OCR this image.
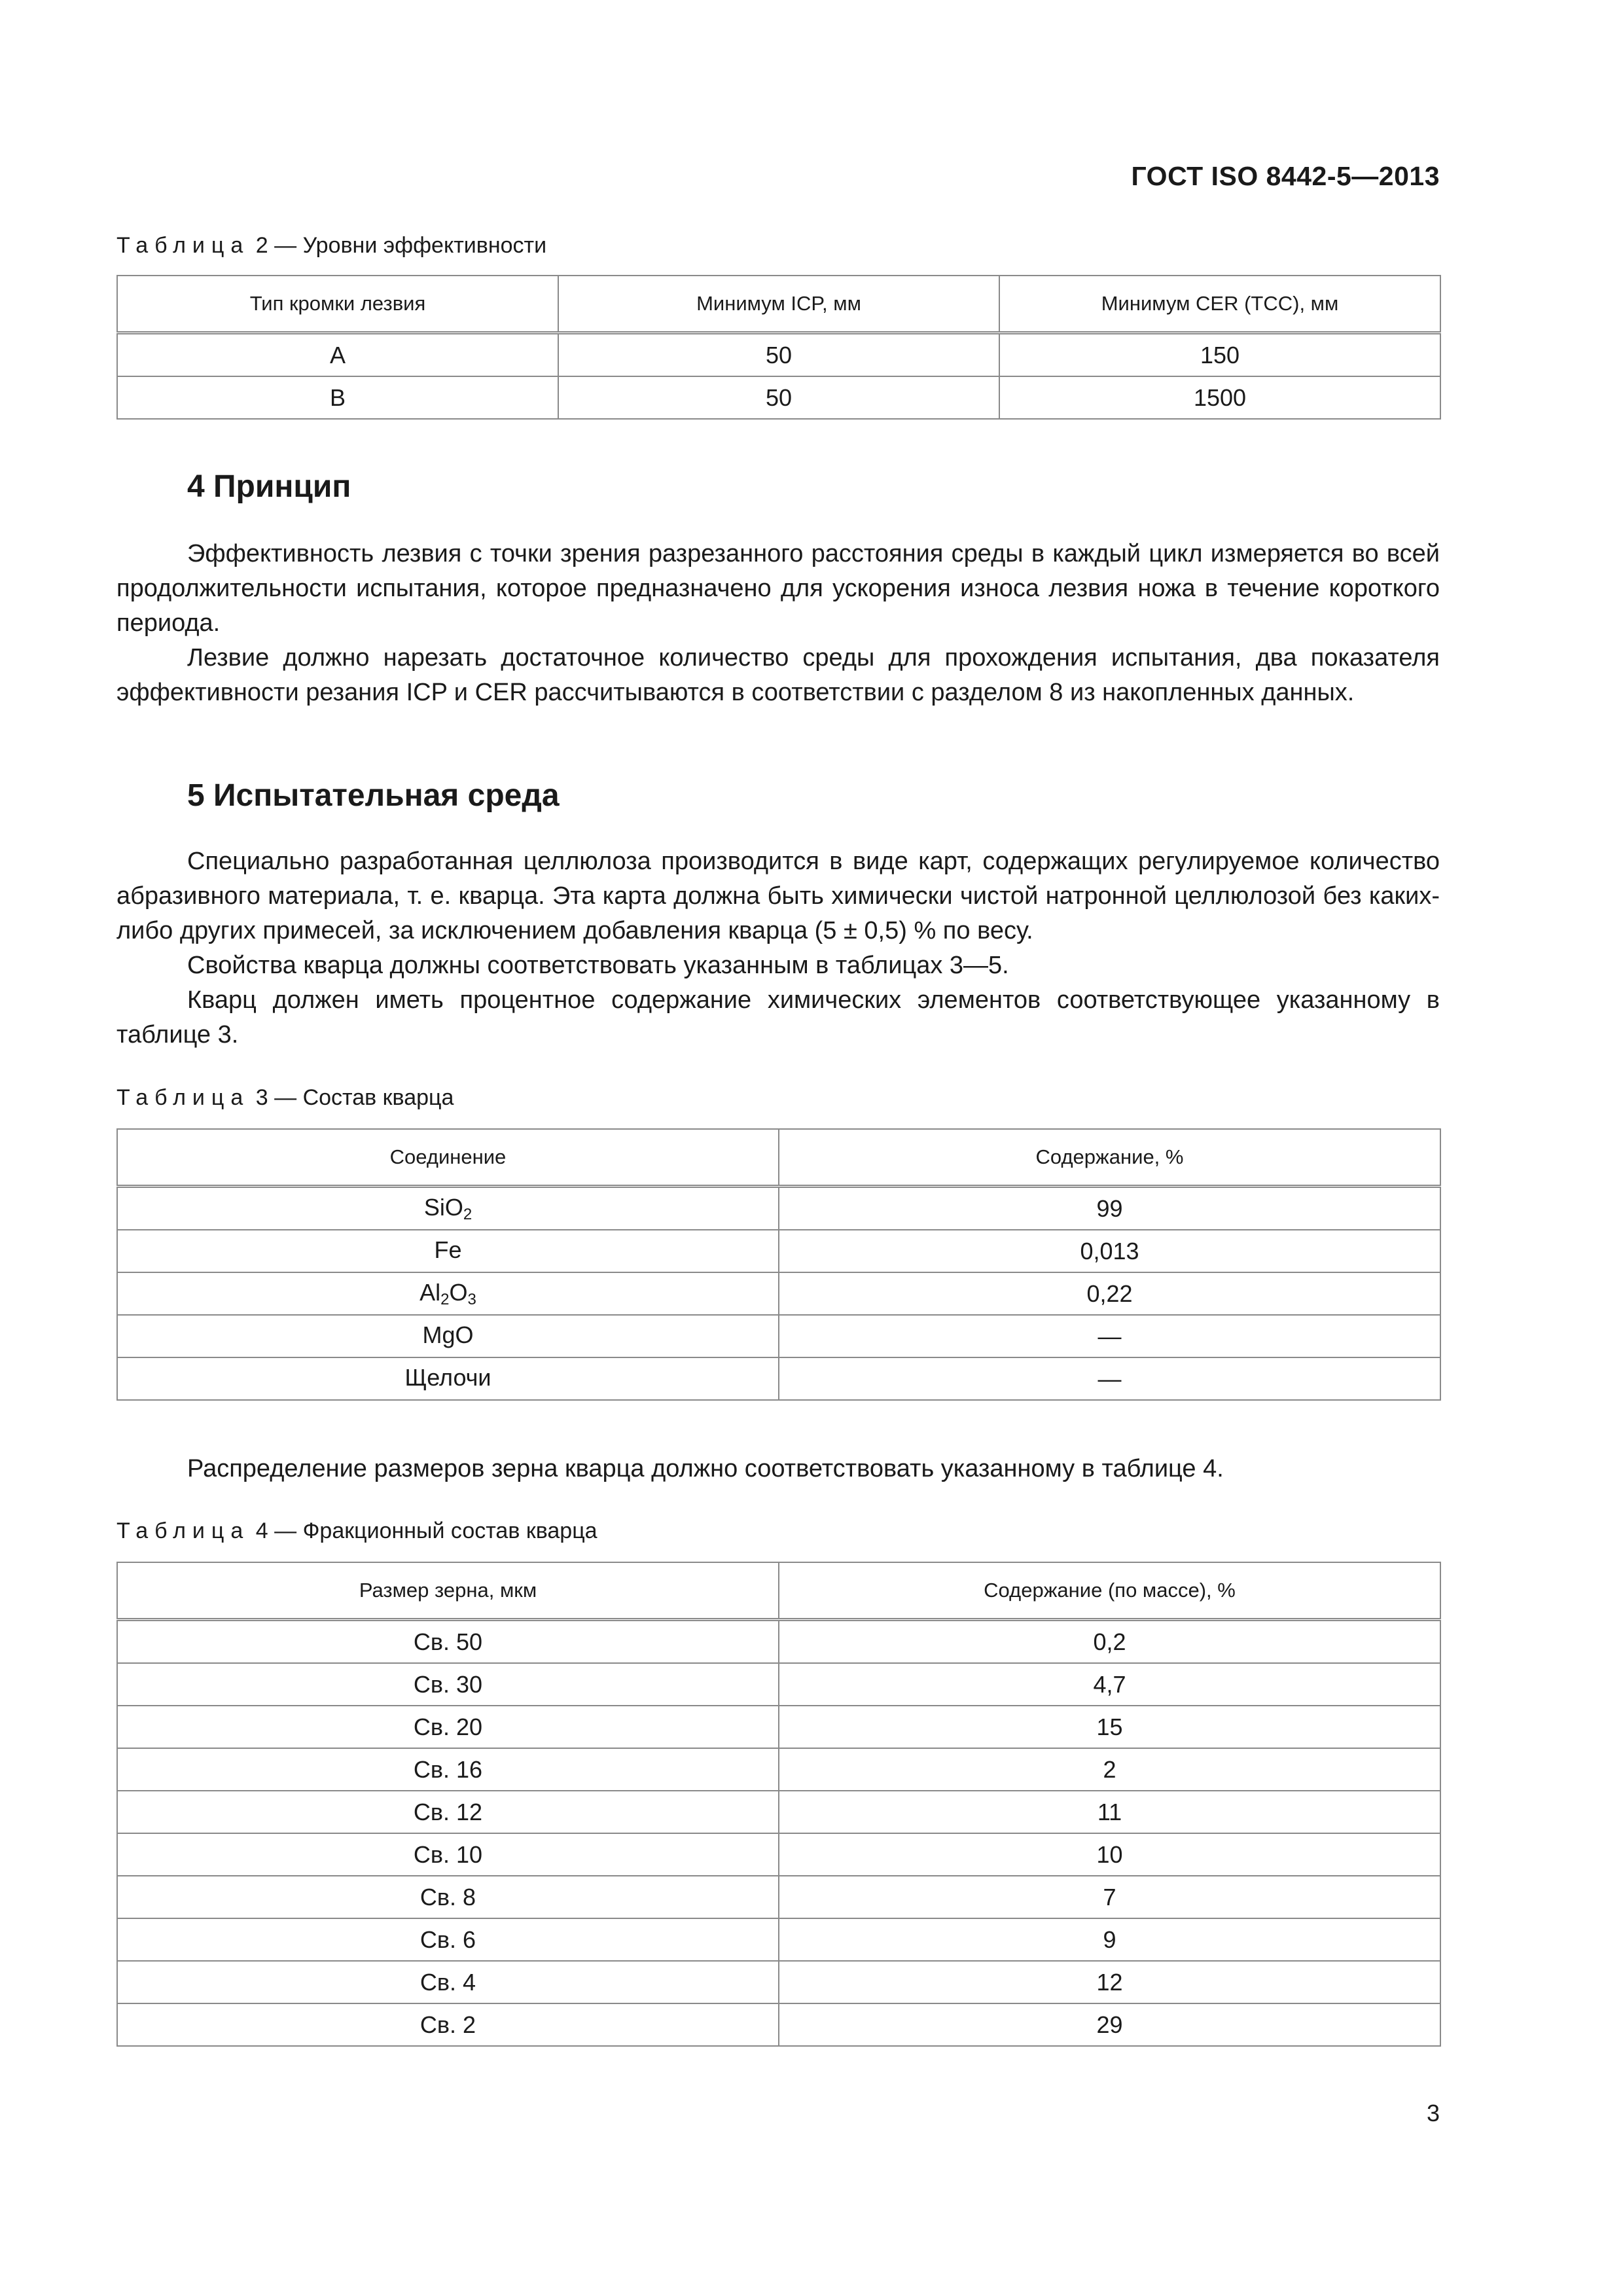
ГОСТ ISO 8442-5—2013
Таблица 2 — Уровни эффективности
Тип кромки лезвия	Минимум ICP, мм	Минимум CER (TCC), мм
A	50	150
B	50	1500
4 Принцип

Эффективность лезвия с точки зрения разрезанного расстояния среды в каждый цикл измеряется во всей продолжительности испытания, которое предназначено для ускорения износа лезвия ножа в течение короткого периода.

Лезвие должно нарезать достаточное количество среды для прохождения испытания, два показателя эффективности резания ICP и CER рассчитываются в соответствии с разделом 8 из накопленных данных.

5 Испытательная среда

Специально разработанная целлюлоза производится в виде карт, содержащих регулируемое количество абразивного материала, т. е. кварца. Эта карта должна быть химически чистой натронной целлюлозой без каких-либо других примесей, за исключением добавления кварца (5 ± 0,5) % по весу.

Свойства кварца должны соответствовать указанным в таблицах 3—5.

Кварц должен иметь процентное содержание химических элементов соответствующее указанному в таблице 3.

Таблица 3 — Состав кварца
Соединение	Содержание, %
SiO$_2$	99
Fe	0,013
$Al_2O_3$	0,22
MgO	—
Щелочи	—

Распределение размеров зерна кварца должно соответствовать указанному в таблице 4.

Таблица 4 — Фракционный состав кварца
Размер зерна, мкм	Содержание (по массе), %
Св. 50	0,2
Св. 30	4,7
Св. 20	15
Св. 16	2
Св. 12	11
Св. 10	10
Св. 8	7
Св. 6	9
Св. 4	12
Св. 2	29
3
